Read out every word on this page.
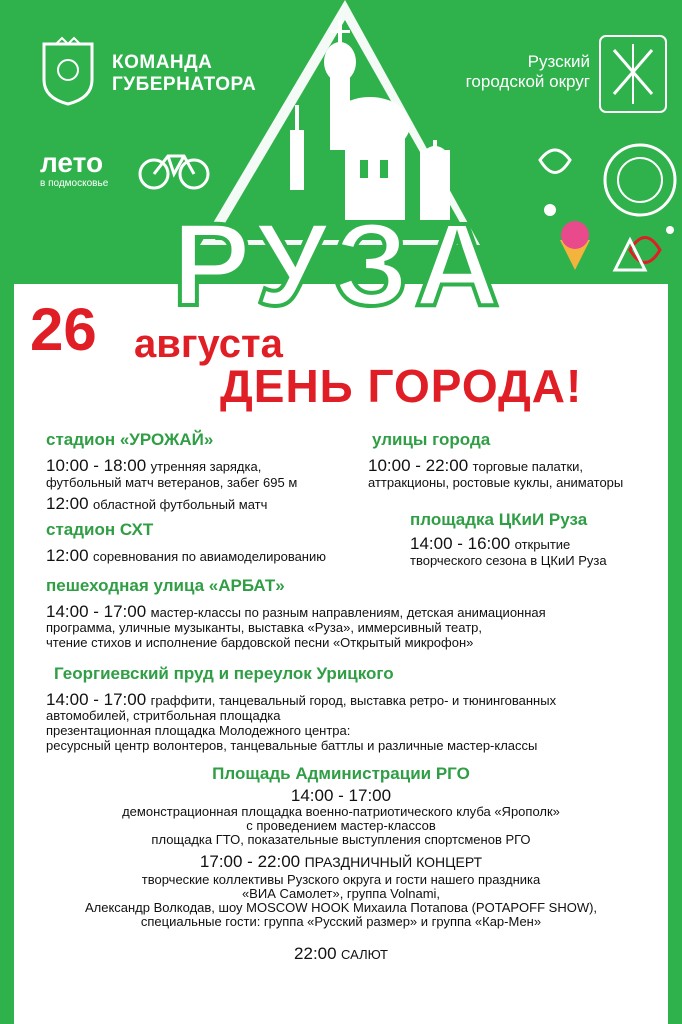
КОМАНДА
ГУБЕРНАТОРА
Рузский
городской округ
лето
в подмосковье
РУЗА
26 августа
ДЕНЬ ГОРОДА!
стадион «УРОЖАЙ»
10:00 - 18:00 утренняя зарядка,
футбольный матч ветеранов, забег 695 м
12:00 областной футбольный матч
улицы города
10:00 - 22:00 торговые палатки,
аттракционы, ростовые куклы, аниматоры
стадион СХТ
12:00 соревнования по авиамоделированию
площадка ЦКиИ Руза
14:00 - 16:00 открытие
творческого сезона в ЦКиИ Руза
пешеходная улица «АРБАТ»
14:00 - 17:00 мастер-классы по разным направлениям, детская анимационная
программа, уличные музыканты, выставка «Руза», иммерсивный театр,
чтение стихов и исполнение бардовской песни «Открытый микрофон»
Георгиевский пруд и переулок Урицкого
14:00 - 17:00 граффити, танцевальный город, выставка ретро- и тюнингованных
автомобилей, стритбольная площадка
презентационная площадка Молодежного центра:
ресурсный центр волонтеров, танцевальные баттлы и различные мастер-классы
Площадь Администрации РГО
14:00 - 17:00
демонстрационная площадка военно-патриотического клуба «Ярополк»
с проведением мастер-классов
площадка ГТО, показательные выступления спортсменов РГО
17:00 - 22:00 ПРАЗДНИЧНЫЙ КОНЦЕРТ
творческие коллективы Рузского округа и гости нашего праздника
«ВИА Самолет», группа Volnami,
Александр Волкодав, шоу MOSCOW HOOK Михаила Потапова (POTAPOFF SHOW),
специальные гости: группа «Русский размер» и группа «Кар-Мен»
22:00 САЛЮТ
